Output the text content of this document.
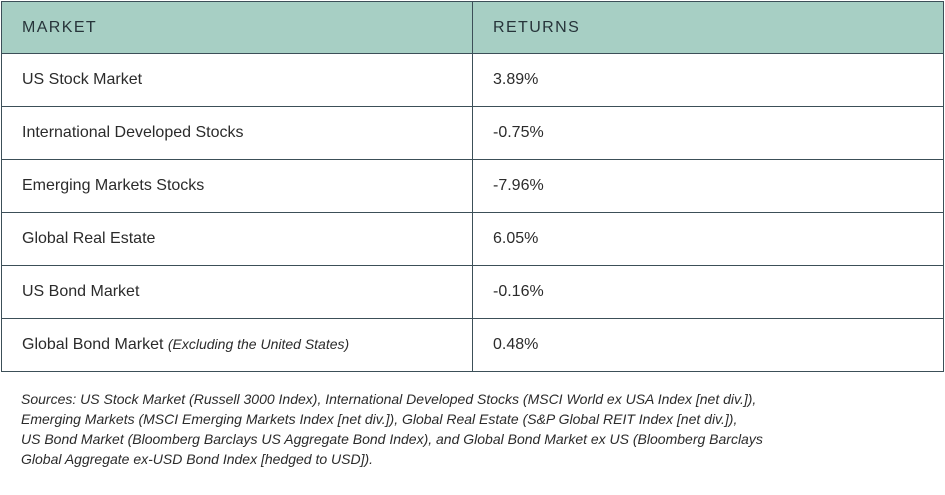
MARKET	RETURNS
US Stock Market	3.89%
International Developed Stocks	-0.75%
Emerging Markets Stocks	-7.96%
Global Real Estate	6.05%
US Bond Market	-0.16%
Global Bond Market (Excluding the United States)	0.48%

Sources: US Stock Market (Russell 3000 Index), International Developed Stocks (MSCI World ex USA Index [net div.]),
Emerging Markets (MSCI Emerging Markets Index [net div.]), Global Real Estate (S&P Global REIT Index [net div.]),
US Bond Market (Bloomberg Barclays US Aggregate Bond Index), and Global Bond Market ex US (Bloomberg Barclays
Global Aggregate ex-USD Bond Index [hedged to USD]).
